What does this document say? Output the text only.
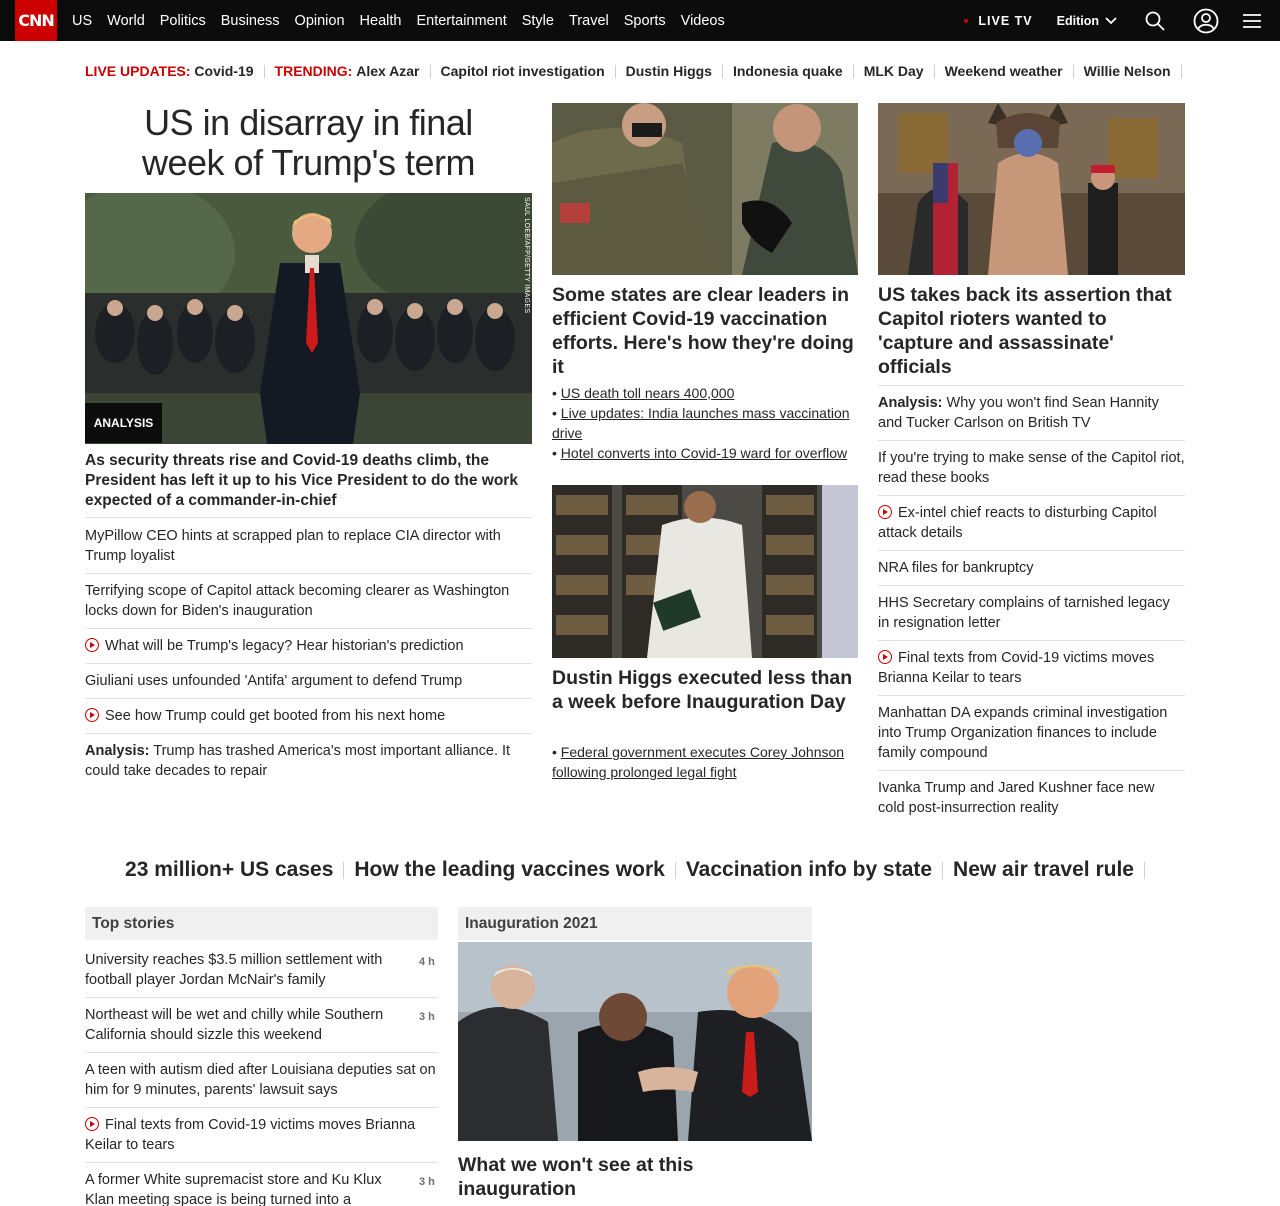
CNN US World Politics Business Opinion Health Entertainment Style Travel Sports Videos	LIVE TV Edition
LIVE UPDATES:
Covid-19 TRENDING:
Alex Azar Capitol riot investigation Dustin Higgs Indonesia quake MLK Day Weekend weather Willie Nelson
US in disarray in final
week of Trump's term
SAUL LOEB/AFP/GETTY IMAGES
ANALYSIS
As security threats rise and Covid-19 deaths climb, the President has left it up to his Vice President to do the work expected of a commander-in-chief
MyPillow CEO hints at scrapped plan to replace CIA director with Trump loyalist
Terrifying scope of Capitol attack becoming clearer as Washington locks down for Biden's inauguration
What will be Trump's legacy? Hear historian's prediction
Giuliani uses unfounded 'Antifa' argument to defend Trump
See how Trump could get booted from his next home
Analysis: Trump has trashed America's most important alliance. It could take decades to repair
Some states are clear leaders in efficient Covid-19 vaccination efforts. Here's how they're doing it
• US death toll nears 400,000
• Live updates: India launches mass vaccination drive
• Hotel converts into Covid-19 ward for overflow
Dustin Higgs executed less than a week before Inauguration Day
• Federal government executes Corey Johnson following prolonged legal fight
US takes back its assertion that Capitol rioters wanted to 'capture and assassinate' officials
Analysis: Why you won't find Sean Hannity and Tucker Carlson on British TV
If you're trying to make sense of the Capitol riot, read these books
Ex-intel chief reacts to disturbing Capitol attack details
NRA files for bankruptcy
HHS Secretary complains of tarnished legacy in resignation letter
Final texts from Covid-19 victims moves Brianna Keilar to tears
Manhattan DA expands criminal investigation into Trump Organization finances to include family compound
Ivanka Trump and Jared Kushner face new cold post-insurrection reality
23 million+ US cases How the leading vaccines work Vaccination info by state New air travel rule
Top stories
University reaches $3.5 million settlement with football player Jordan McNair's family
4 h
Northeast will be wet and chilly while Southern California should sizzle this weekend
3 h
A teen with autism died after Louisiana deputies sat on him for 9 minutes, parents' lawsuit says
Final texts from Covid-19 victims moves Brianna Keilar to tears
A former White supremacist store and Ku Klux Klan meeting space is being turned into a
3 h
Inauguration 2021
What we won't see at this inauguration
